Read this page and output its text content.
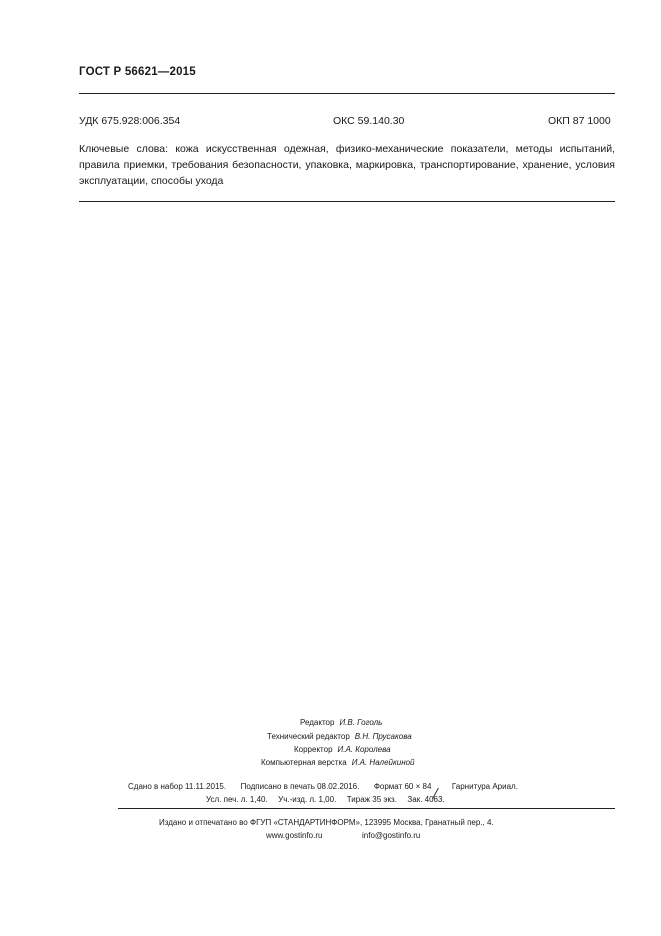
ГОСТ Р 56621—2015
УДК 675.928:006.354	ОКС 59.140.30	ОКП 87 1000
Ключевые слова: кожа искусственная одежная, физико-механические показатели, методы испытаний, правила приемки, требования безопасности, упаковка, маркировка, транспортирование, хранение, условия эксплуатации, способы ухода
Редактор И.В. Гоголь
Технический редактор В.Н. Прусакова
Корректор И.А. Королева
Компьютерная верстка И.А. Налейкиной
Сдано в набор 11.11.2015. Подписано в печать 08.02.2016. Формат 60 × 84	Гарнитура Ариал.
Усл. печ. л. 1,40. Уч.-изд. л. 1,00. Тираж 35 экз. Зак. 4063.
Издано и отпечатано во ФГУП «СТАНДАРТИНФОРМ», 123995 Москва, Гранатный пер., 4.
www.gostinfo.ru	info@gostinfo.ru
